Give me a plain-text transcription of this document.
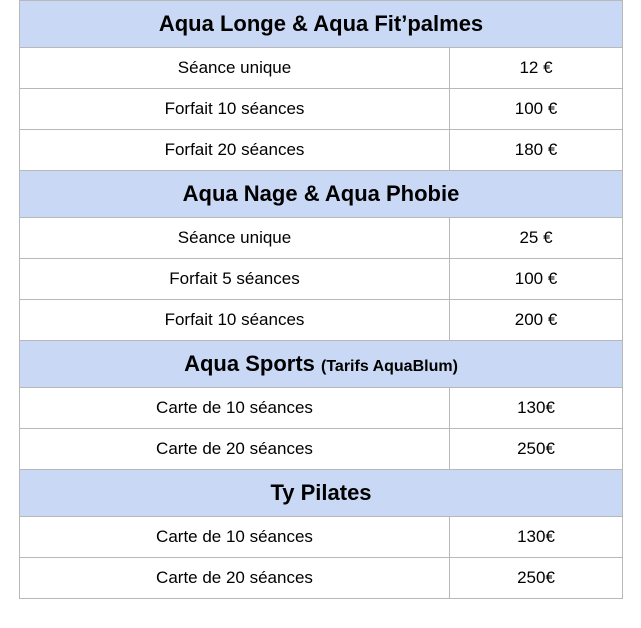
Aqua Longe & Aqua Fit’palmes	
Séance unique	12 €
Forfait 10 séances	100 €
Forfait 20 séances	180 €
Aqua Nage & Aqua Phobie	
Séance unique	25 €
Forfait 5 séances	100 €
Forfait 10 séances	200 €
Aqua Sports (Tarifs AquaBlum)	
Carte de 10 séances	130€
Carte de 20 séances	250€
Ty Pilates	
Carte de 10 séances	130€
Carte de 20 séances	250€
